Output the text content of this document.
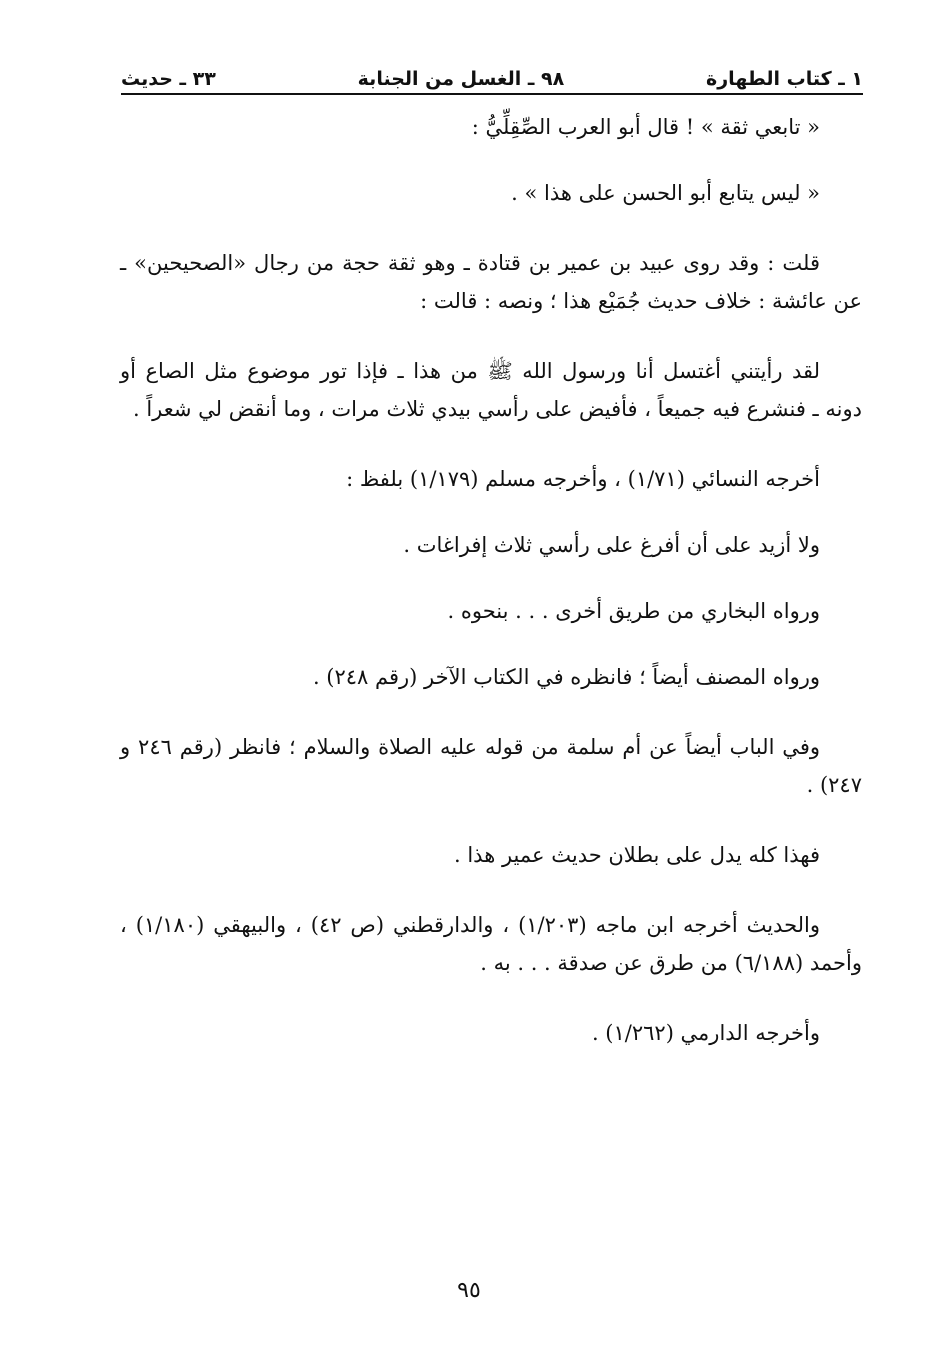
١ ـ كتاب الطهارة
٩٨ ـ الغسل من الجنابة
٣٣ ـ حديث

« تابعي ثقة » ! قال أبو العرب الصِّقِلِّيُّ :

« ليس يتابع أبو الحسن على هذا » .

قلت : وقد روى عبيد بن عمير بن قتادة ـ وهو ثقة حجة من رجال «الصحيحين» ـ عن عائشة : خلاف حديث جُمَيْع هذا ؛ ونصه : قالت :

لقد رأيتني أغتسل أنا ورسول الله ﷺ من هذا ـ فإذا تور موضوع مثل الصاع أو دونه ـ فنشرع فيه جميعاً ، فأفيض على رأسي بيدي ثلاث مرات ، وما أنقض لي شعراً .

أخرجه النسائي (١/٧١) ، وأخرجه مسلم (١/١٧٩) بلفظ :

ولا أزيد على أن أفرغ على رأسي ثلاث إفراغات .

ورواه البخاري من طريق أخرى . . . بنحوه .

ورواه المصنف أيضاً ؛ فانظره في الكتاب الآخر (رقم ٢٤٨) .

وفي الباب أيضاً عن أم سلمة من قوله عليه الصلاة والسلام ؛ فانظر (رقم ٢٤٦ و ٢٤٧) .

فهذا كله يدل على بطلان حديث عمير هذا .

والحديث أخرجه ابن ماجه (١/٢٠٣) ، والدارقطني (ص ٤٢) ، والبيهقي (١/١٨٠) ، وأحمد (٦/١٨٨) من طرق عن صدقة . . . به .

وأخرجه الدارمي (١/٢٦٢) .

٩٥
